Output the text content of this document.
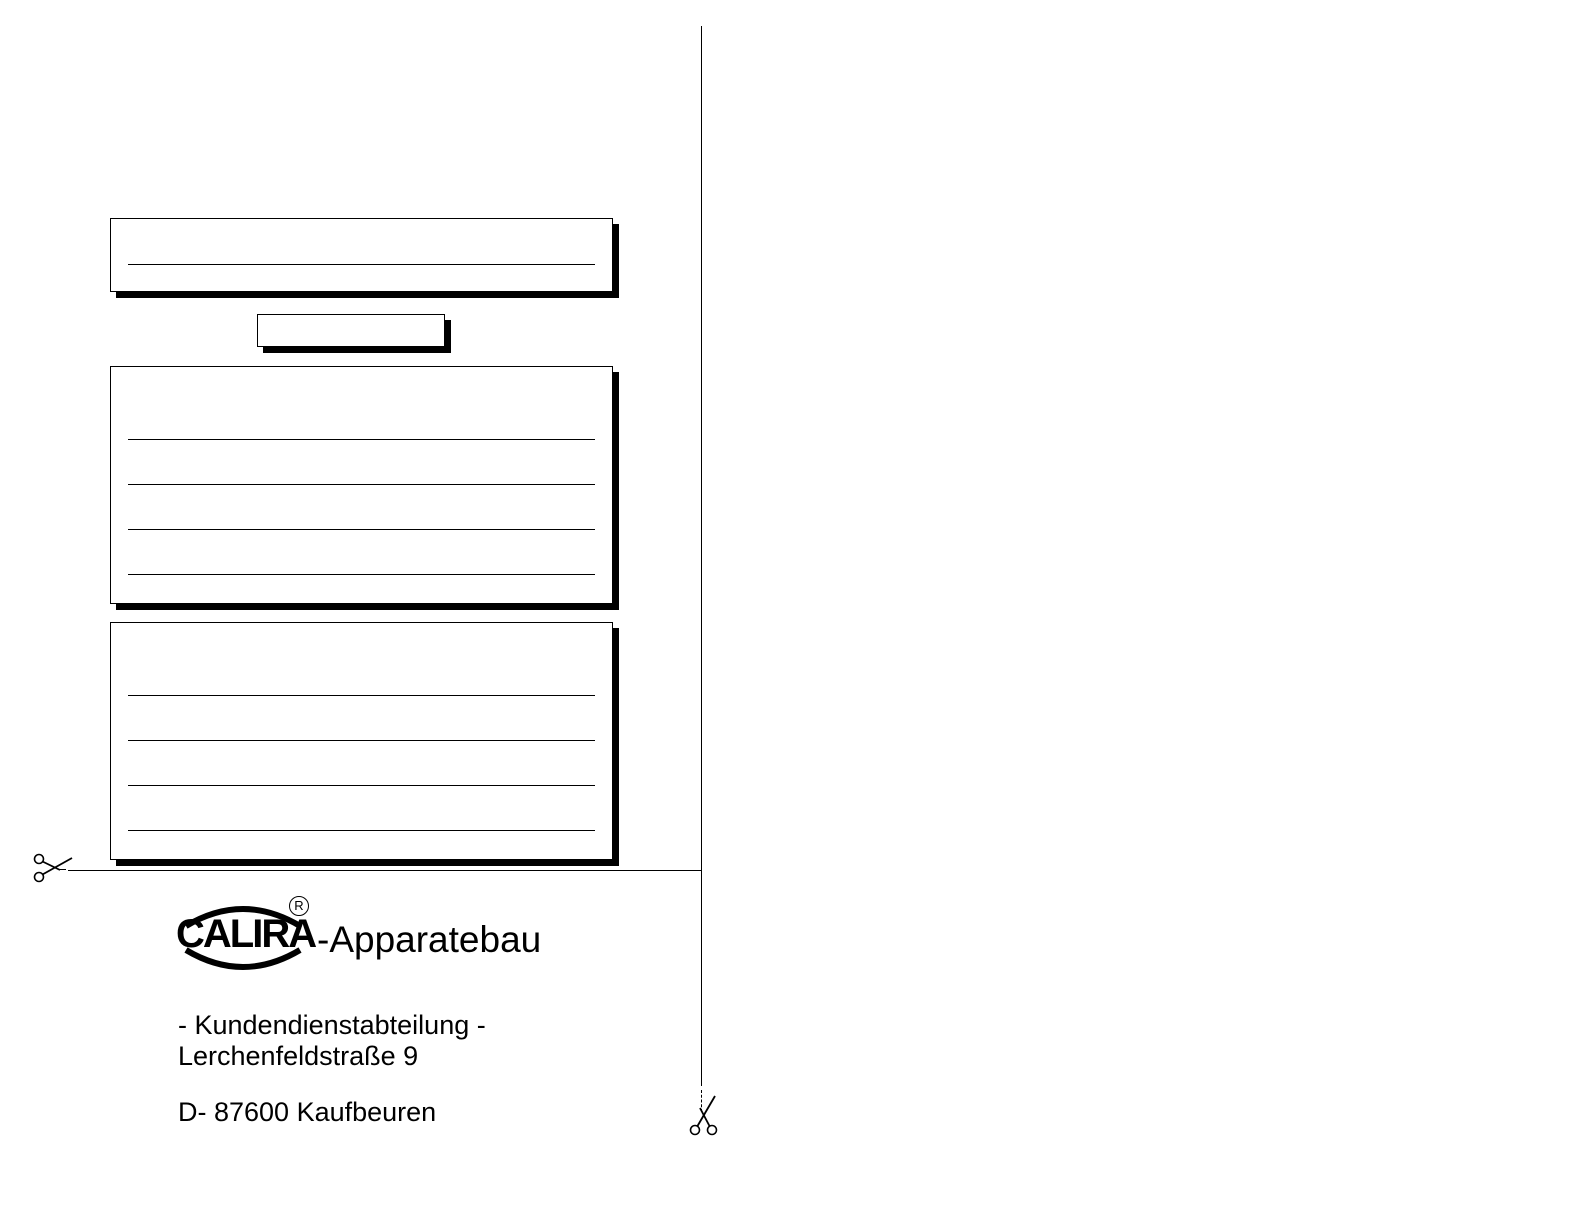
CALIRA
R
-Apparatebau
- Kundendienstabteilung -
Lerchenfeldstraße 9
D- 87600 Kaufbeuren
